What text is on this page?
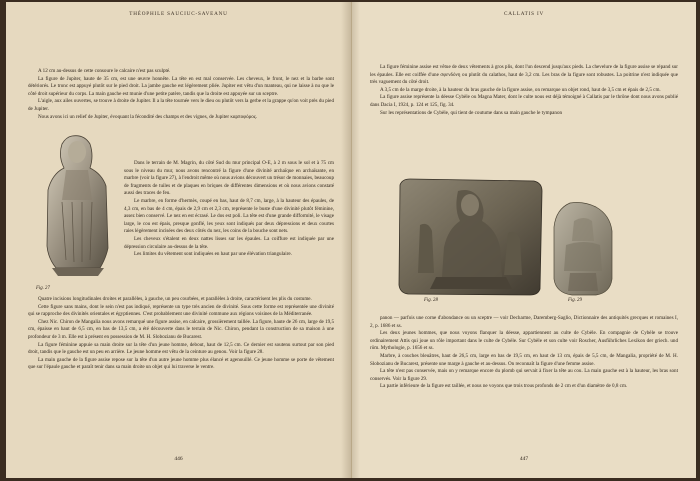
THÉOPHILE SAUCIUC-SAVEANU

A 12 cm au-dessus de cette consoure le calcaire n'est pas sculpté.

La figure de Jupiter, haute de 35 cm, est une œuvre honnête. La tête en est mal conservée. Les cheveux, le front, le nez et la barbe sont détériorés. Le tronc est appuyé plutôt sur le pied droit. La jambe gauche est légèrement pliée. Jupiter est vêtu d'un manteau, qui ne laisse à nu que le côté droit supérieur du corps. La main gauche est munie d'une petite patère, tandis que la droite est appuyée sur un sceptre.

L'aigle, aux ailes ouvertes, se trouve à droite de Jupiter. Il a la tête tournée vers le dieu ou plutôt vers la gerbe et la grappe qu'on voit près du pied de Jupiter.

Nous avons ici un relief de Jupiter, évoquant la fécondité des champs et des vignes, de Jupiter καρποφόρος.

Dans le terrain de M. Magrin, du côté Sud du mur principal O-E, à 2 m sous le sol et à 75 cm sous le niveau du mur, nous avons rencontré la figure d'une divinité archaïque en archaïsante, en marbre (voir la figure 27), à l'endroit même où nous avions découvert un trésor de monnaies, beaucoup de fragments de tuiles et de plaques en briques de différentes dimensions et où nous avions constaté aussi des traces de feu.

Le marbre, en forme d'hermès, coupé en bas, haut de 8,7 cm, large, à la hauteur des épaules, de 4,3 cm, en bas de 4 cm, épais de 2,9 cm et 2,3 cm, représente le buste d'une divinité plutôt féminine, assez bien conservé. Le nez en est écrasé. Le dos est poli. La tête est d'une grande difformité, le visage large, le cou est épais, presque gonflé, les yeux sont indiqués par deux dépressions et deux courtes raies légèrement incisées des deux côtés du nez, les coins de la bouche sont nets.

Les cheveux s'étalent en deux nattes lisses sur les épaules. La coiffure est indiquée par une dépression circulaire au-dessus de la tête.

Les limites du vêtement sont indiquées en haut par une élévation triangulaire.

Fig. 27

Quatre incisions longitudinales droites et parallèles, à gauche, un peu courbées, et parallèles à droite, caractérisent les plis du costume.

Cette figure sans mains, dont le sein n'est pas indiqué, représente un type très ancien de divinité. Sous cette forme est représentée une divinité qui se rapproche des divinités orientales et égyptiennes. C'est probablement une divinité commune aux régions voisines de la Méditerranée.

Chez Nic. Chiron de Mangalia nous avons remarqué une figure assise, en calcaire, grossièrement taillée. La figure, haute de 26 cm, large de 19,5 cm, épaisse en haut de 6,5 cm, en bas de 13,5 cm, a été découverte dans le terrain de Nic. Chiron, pendant la construction de sa maison à une profondeur de 3 m. Elle est à présent en possession de M. H. Slobozianu de Bucarest.

La figure féminine appuie sa main droite sur la tête d'un jeune homme, debout, haut de 12,5 cm. Ce dernier est soutenu surtout par son pied droit, tandis que le gauche est un peu en arrière. Le jeune homme est vêtu de la ceinture au genou. Voir la figure 28.

La main gauche de la figure assise repose sur la tête d'un autre jeune homme plus élancé et agenouillé. Ce jeune homme se porte de vêtement que sur l'épaule gauche et paraît tenir dans sa main droite un objet qui lui traverse le ventre.

446
CALLATIS IV

La figure féminine assise est vêtue de deux vêtements à gros plis, dont l'un descend jusqu'aux pieds. La chevelure de la figure assise se répand sur les épaules. Elle est coiffée d'une σφενδόνη ou plutôt du calathos, haut de 3,2 cm. Les bras de la figure sont robustes. La poitrine n'est indiquée que très vaguement du côté droit.

A 3,5 cm de la marge droite, à la hauteur du bras gauche de la figure assise, on remarque un objet rond, haut de 3,5 cm et épais de 2,5 cm.

La figure assise représente la déesse Cybèle ou Magna Mater, dont le culte nous est déjà témoigné à Callatis par le thrône dont nous avons publié dans Dacia I, 1924, p. 124 et 125, fig. 34.

Sur les représentations de Cybèle, qui tient de coutume dans sa main gauche le tympanon

Fig. 28	Fig. 29

panon — parfois une corne d'abondance ou un sceptre — voir Decharme, Daremberg-Saglio, Dictionnaire des antiquités grecques et romaines I, 2, p. 1686 et ss.

Les deux jeunes hommes, que nous voyons flanquer la déesse, appartiennent au culte de Cybèle. En compagnie de Cybèle se trouve ordinairement Attis qui joue un rôle important dans le culte de Cybèle. Sur Cybèle et son culte voir Roscher, Ausführliches Lexikon der griech. und röm. Mythologie, p. 1656 et ss.

Marbre, à couches bleuâtres, haut de 26,5 cm, large en bas de 19,5 cm, en haut de 13 cm, épais de 5,5 cm, de Mangalia, propriété de M. H. Slobozianu de Bucarest, présente une marge à gauche et au-dessus. On reconnaît la figure d'une femme assise.

La tête n'est pas conservée, mais on y remarque encore du plomb qui servait à fixer la tête au cou. La main gauche est à la hauteur, les bras sont conservés. Voir la figure 29.

La partie inférieure de la figure est taillée, et nous ne voyons que trois trous profonds de 2 cm et d'un diamètre de 0,8 cm.

447
